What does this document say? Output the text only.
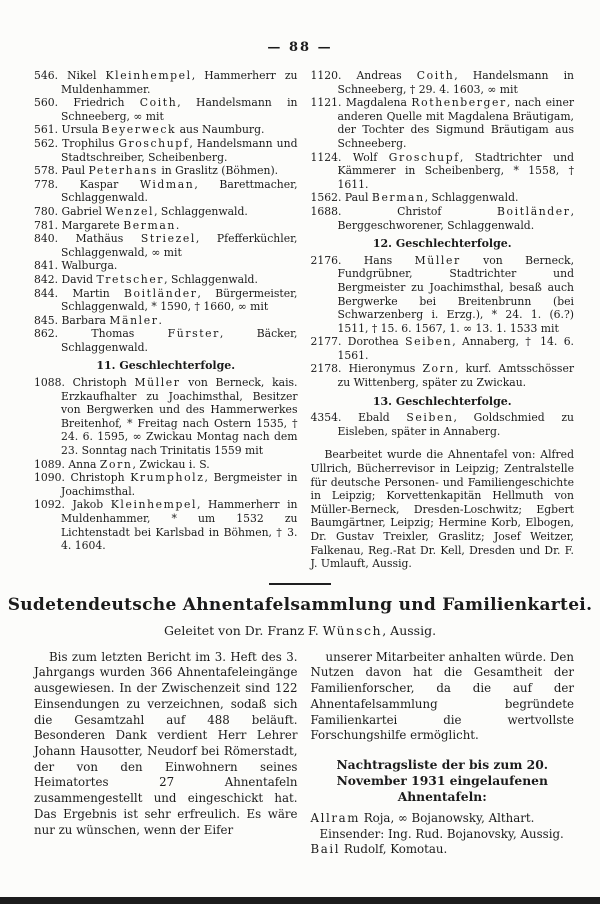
— 88 —
546. Nikel Kleinhempel, Hammerherr zu Muldenhammer.
560. Friedrich Coith, Handelsmann in Schneeberg, ∞ mit
561. Ursula Beyerweck aus Naumburg.
562. Trophilus Groschupf, Handelsmann und Stadtschreiber, Scheibenberg.
578. Paul Peterhans in Graslitz (Böhmen).
778. Kaspar Widman, Barettmacher, Schlaggenwald.
780. Gabriel Wenzel, Schlaggenwald.
781. Margarete Berman.
840. Mathäus Striezel, Pfefferküchler, Schlaggenwald, ∞ mit
841. Walburga.
842. David Tretscher, Schlaggenwald.
844. Martin Boitländer, Bürgermeister, Schlaggenwald, * 1590, † 1660, ∞ mit
845. Barbara Mänler.
862. Thomas Fürster, Bäcker, Schlaggenwald.
11. Geschlechterfolge.
1088. Christoph Müller von Berneck, kais. Erzkaufhalter zu Joachimsthal, Besitzer von Bergwerken und des Hammerwerkes Breitenhof, * Freitag nach Ostern 1535, † 24. 6. 1595, ∞ Zwickau Montag nach dem 23. Sonntag nach Trinitatis 1559 mit
1089. Anna Zorn, Zwickau i. S.
1090. Christoph Krumpholz, Bergmeister in Joachimsthal.
1092. Jakob Kleinhempel, Hammerherr in Muldenhammer, * um 1532 zu Lichtenstadt bei Karlsbad in Böhmen, † 3. 4. 1604.
1120. Andreas Coith, Handelsmann in Schneeberg, † 29. 4. 1603, ∞ mit
1121. Magdalena Rothenberger, nach einer anderen Quelle mit Magdalena Bräutigam, der Tochter des Sigmund Bräutigam aus Schneeberg.
1124. Wolf Groschupf, Stadtrichter und Kämmerer in Scheibenberg, * 1558, † 1611.
1562. Paul Berman, Schlaggenwald.
1688. Christof Boitländer, Berggeschworener, Schlaggenwald.
12. Geschlechterfolge.
2176. Hans Müller von Berneck, Fundgrübner, Stadtrichter und Bergmeister zu Joachimsthal, besaß auch Bergwerke bei Breitenbrunn (bei Schwarzenberg i. Erzg.), * 24. 1. (6.?) 1511, † 15. 6. 1567, 1. ∞ 13. 1. 1533 mit
2177. Dorothea Seiben, Annaberg, † 14. 6. 1561.
2178. Hieronymus Zorn, kurf. Amtsschösser zu Wittenberg, später zu Zwickau.
13. Geschlechterfolge.
4354. Ebald Seiben, Goldschmied zu Eisleben, später in Annaberg.

Bearbeitet wurde die Ahnentafel von: Alfred Ullrich, Bücherrevisor in Leipzig; Zentralstelle für deutsche Personen- und Familiengeschichte in Leipzig; Korvettenkapitän Hellmuth von Müller-Berneck, Dresden-Loschwitz; Egbert Baumgärtner, Leipzig; Hermine Korb, Elbogen, Dr. Gustav Treixler, Graslitz; Josef Weitzer, Falkenau, Reg.-Rat Dr. Kell, Dresden und Dr. F. J. Umlauft, Aussig.

Sudetendeutsche Ahnentafelsammlung und Familienkartei.
Geleitet von Dr. Franz F. Wünsch, Aussig.

Bis zum letzten Bericht im 3. Heft des 3. Jahrgangs wurden 366 Ahnentafeleingänge ausgewiesen. In der Zwischenzeit sind 122 Einsendungen zu verzeichnen, sodaß sich die Gesamtzahl auf 488 beläuft. Besonderen Dank verdient Herr Lehrer Johann Hausotter, Neudorf bei Römerstadt, der von den Einwohnern seines Heimatortes 27 Ahnentafeln zusammengestellt und eingeschickt hat. Das Ergebnis ist sehr erfreulich. Es wäre nur zu wünschen, wenn der Eifer

unserer Mitarbeiter anhalten würde. Den Nutzen davon hat die Gesamtheit der Familienforscher, da die auf der Ahnentafelsammlung begründete Familienkartei die wertvollste Forschungshilfe ermöglicht.

Nachtragsliste der bis zum 20. November 1931 eingelaufenen Ahnentafeln:
Allram Roja, ∞ Bojanowsky, Althart.
Einsender: Ing. Rud. Bojanovsky, Aussig.
Bail Rudolf, Komotau.
